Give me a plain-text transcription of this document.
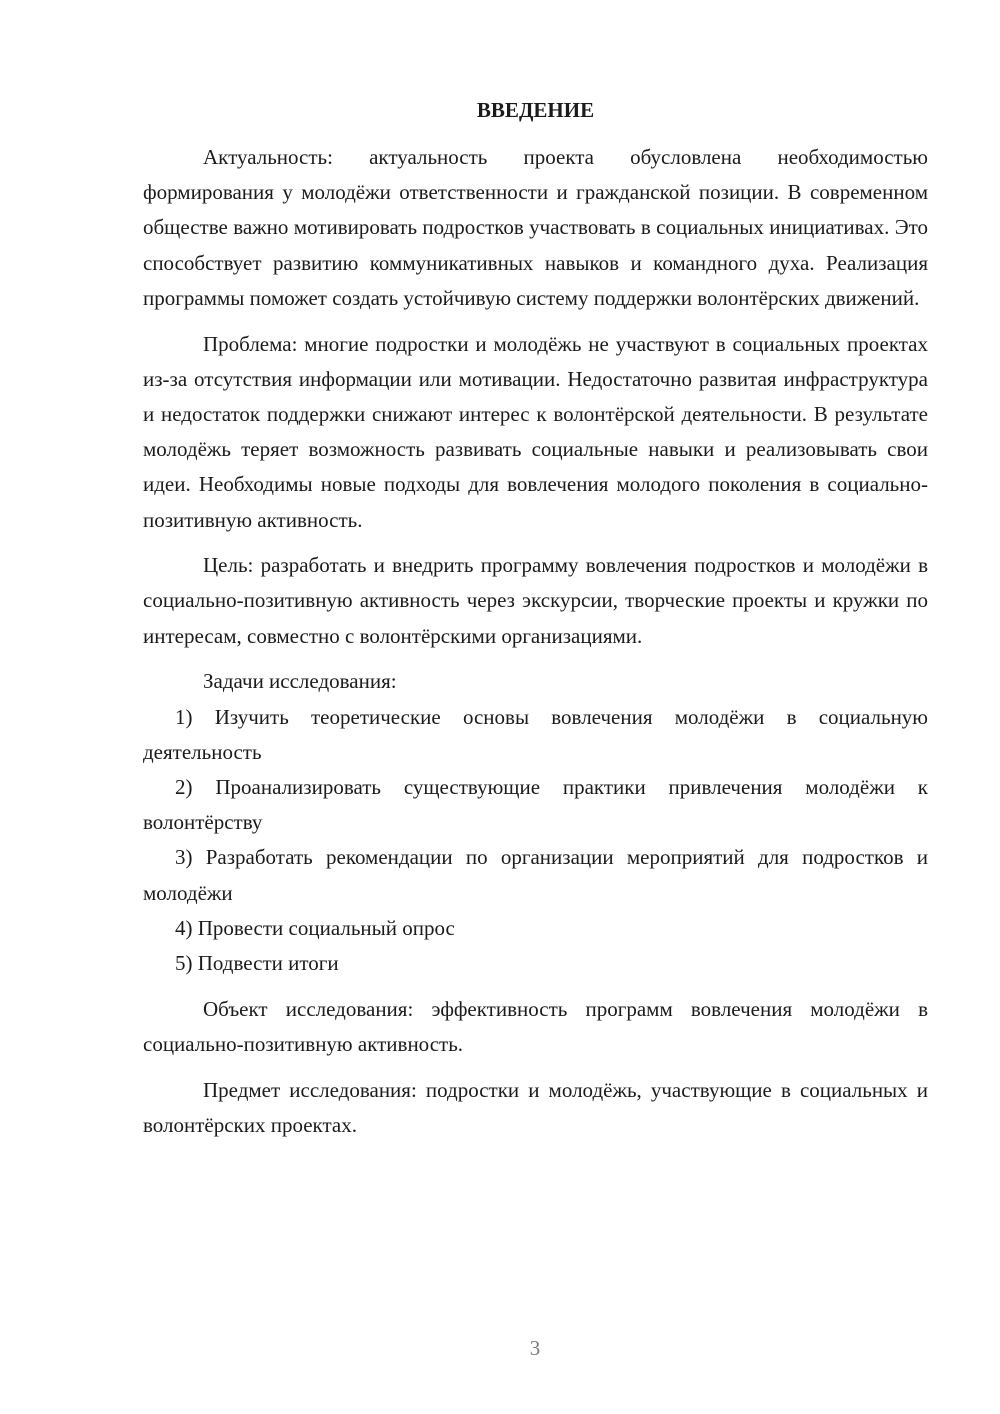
ВВЕДЕНИЕ

Актуальность: актуальность проекта обусловлена необходимостью формирования у молодёжи ответственности и гражданской позиции. В современном обществе важно мотивировать подростков участвовать в социальных инициативах. Это способствует развитию коммуникативных навыков и командного духа. Реализация программы поможет создать устойчивую систему поддержки волонтёрских движений.

Проблема: многие подростки и молодёжь не участвуют в социальных проектах из-за отсутствия информации или мотивации. Недостаточно развитая инфраструктура и недостаток поддержки снижают интерес к волонтёрской деятельности. В результате молодёжь теряет возможность развивать социальные навыки и реализовывать свои идеи. Необходимы новые подходы для вовлечения молодого поколения в социально-позитивную активность.

Цель: разработать и внедрить программу вовлечения подростков и молодёжи в социально-позитивную активность через экскурсии, творческие проекты и кружки по интересам, совместно с волонтёрскими организациями.

Задачи исследования:

1) Изучить теоретические основы вовлечения молодёжи в социальную деятельность

2) Проанализировать существующие практики привлечения молодёжи к волонтёрству

3) Разработать рекомендации по организации мероприятий для подростков и молодёжи

4) Провести социальный опрос

5) Подвести итоги

Объект исследования: эффективность программ вовлечения молодёжи в социально-позитивную активность.

Предмет исследования: подростки и молодёжь, участвующие в социальных и волонтёрских проектах.

3
